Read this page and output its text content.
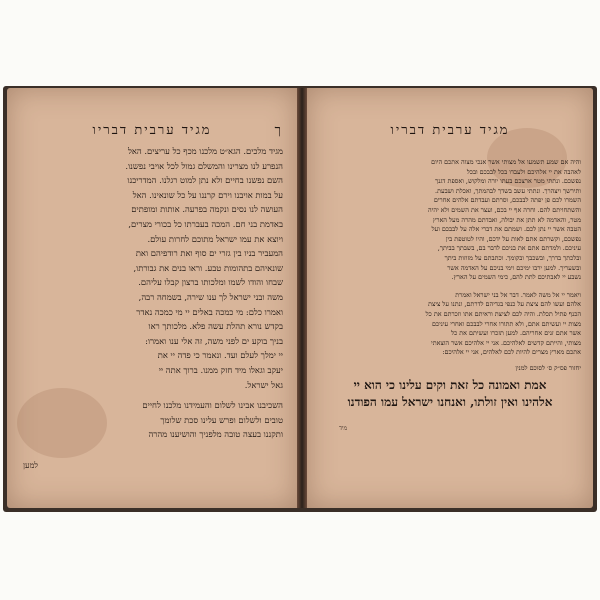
מגיד ערבית דבריו	ך
מגיד מלכים. הגא״ט מלכנו מכף כל עריצים. האל
הנפרע לנו מצרינו והמשלם גמול לכל אויבי נפשנו.
השם נפשנו בחיים ולא נתן למוט רגלנו. המדריכנו
על במות אויבנו וירם קרננו על כל שונאינו. האל
העושה לנו נסים ונקמה בפרעה. אותות ומופתים
באדמת בני חם. המכה בעברתו כל בכורי מצרים,
ויוצא את עמו ישראל מתוכם לחרות עולם.
המעביר בניו בין גזרי ים סוף ואת רודפיהם ואת
שונאיהם בתהומות טבע. וראו בנים את גבורתו,
שבחו והודו לשמו ומלכותו ברצון קבלו עליהם.
משה ובני ישראל לך ענו שירה, בשמחה רבה,
ואמרו כלם: מי כמכה באלים יי מי כמכה נאדר
בקדש נורא תהלת עשה פלא. מלכותך ראו
בניך בוקע ים לפני משה, זה אלי ענו ואמרו:
יי ימלך לעלם ועד. ונאמר כי פדה יי את
יעקב וגאלו מיד חזק ממנו. ברוך אתה יי
גאל ישראל.
השכיבנו אבינו לשלום והעמידנו מלכנו לחיים
טובים ולשלום ופרש עלינו סכת שלומך
ותקננו בעצה טובה מלפניך והושיענו מהרה
למען
מגיד ערבית דבריו
והיה אם שמע תשמעו אל מצותי אשר אנכי מצוה אתכם היום
לאהבה את יי אלהיכם ולעבדו בכל לבבכם ובכל
נפשכם. ונתתי מטר ארצכם בעתו יורה ומלקוש, ואספת דגנך
ותירשך ויצהרך. ונתתי עשב בשדך לבהמתך, ואכלת ושבעת.
השמרו לכם פן יפתה לבבכם, וסרתם ועבדתם אלהים אחרים
והשתחויתם להם. וחרה אף יי בכם, ועצר את השמים ולא יהיה
מטר, והאדמה לא תתן את יבולה, ואבדתם מהרה מעל הארץ
הטבה אשר יי נתן לכם. ושמתם את דברי אלה על לבבכם ועל
נפשכם, וקשרתם אתם לאות על ידכם, והיו לטוטפת בין
עיניכם. ולמדתם אתם את בניכם לדבר בם, בשבתך בביתך,
ובלכתך בדרך, ובשכבך ובקומך. וכתבתם על מזוזות ביתך
ובשעריך. למען ירבו ימיכם וימי בניכם על האדמה אשר
נשבע יי לאבתיכם לתת להם, כימי השמים על הארץ.
ויאמר יי אל משה לאמר. דבר אל בני ישראל ואמרת
אלהם ועשו להם ציצת על כנפי בגדיהם לדרתם, ונתנו על ציצת
הכנף פתיל תכלת. והיה לכם לציצת וראיתם אתו וזכרתם את כל
מצות יי ועשיתם אתם, ולא תתורו אחרי לבבכם ואחרי עיניכם
אשר אתם זנים אחריהם. למען תזכרו ועשיתם את כל
מצותי, והייתם קדשים לאלהיכם. אני יי אלהיכם אשר הוצאתי
אתכם מארץ מצרים להיות לכם לאלהים, אני יי אלהיכם:
יחזור פס״ק ס׳ לסוכם למנין
אמת ואמונה כל זאת וקים עלינו כי הוא יי
אלהינו ואין זולתו, ואנחנו ישראל עמו הפודנו
מיד
